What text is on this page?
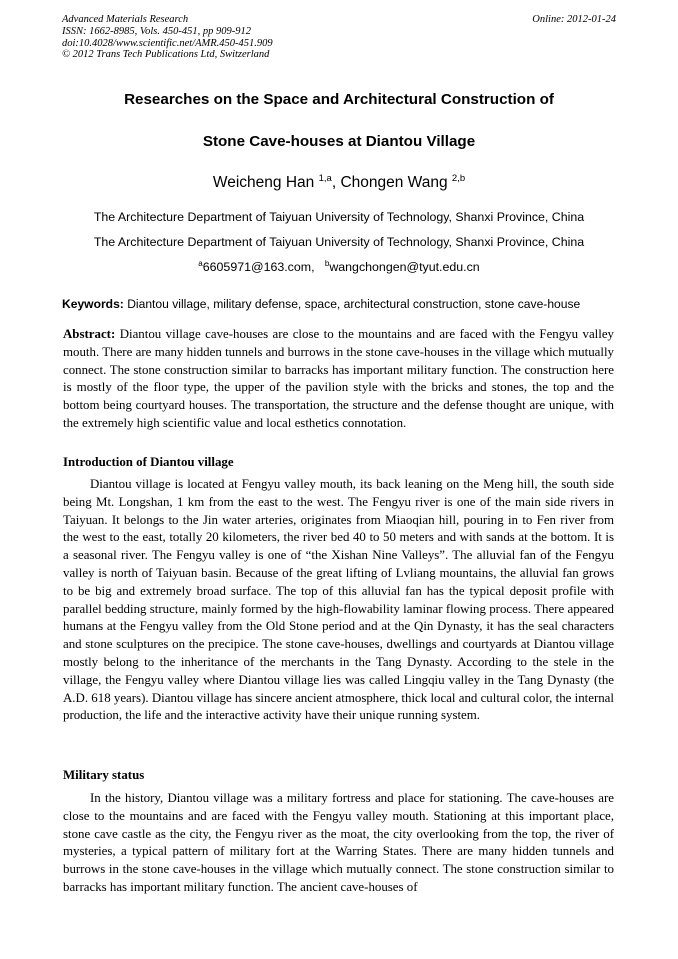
Advanced Materials Research
ISSN: 1662-8985, Vols. 450-451, pp 909-912
doi:10.4028/www.scientific.net/AMR.450-451.909
© 2012 Trans Tech Publications Ltd, Switzerland
Online: 2012-01-24
Researches on the Space and Architectural Construction of
Stone Cave-houses at Diantou Village
Weicheng Han $^{1,a}$, Chongen Wang $^{2,b}$
The Architecture Department of Taiyuan University of Technology, Shanxi Province, China
The Architecture Department of Taiyuan University of Technology, Shanxi Province, China
$^a$6605971@163.com, $^b$wangchongen@tyut.edu.cn
Keywords: Diantou village, military defense, space, architectural construction, stone cave-house

Abstract: Diantou village cave-houses are close to the mountains and are faced with the Fengyu valley mouth. There are many hidden tunnels and burrows in the stone cave-houses in the village which mutually connect. The stone construction similar to barracks has important military function. The construction here is mostly of the floor type, the upper of the pavilion style with the bricks and stones, the top and the bottom being courtyard houses. The transportation, the structure and the defense thought are unique, with the extremely high scientific value and local esthetics connotation.

Introduction of Diantou village

Diantou village is located at Fengyu valley mouth, its back leaning on the Meng hill, the south side being Mt. Longshan, 1 km from the east to the west. The Fengyu river is one of the main side rivers in Taiyuan. It belongs to the Jin water arteries, originates from Miaoqian hill, pouring in to Fen river from the west to the east, totally 20 kilometers, the river bed 40 to 50 meters and with sands at the bottom. It is a seasonal river. The Fengyu valley is one of “the Xishan Nine Valleys”. The alluvial fan of the Fengyu valley is north of Taiyuan basin. Because of the great lifting of Lvliang mountains, the alluvial fan grows to be big and extremely broad surface. The top of this alluvial fan has the typical deposit profile with parallel bedding structure, mainly formed by the high-flowability laminar flowing process. There appeared humans at the Fengyu valley from the Old Stone period and at the Qin Dynasty, it has the seal characters and stone sculptures on the precipice. The stone cave-houses, dwellings and courtyards at Diantou village mostly belong to the inheritance of the merchants in the Tang Dynasty. According to the stele in the village, the Fengyu valley where Diantou village lies was called Lingqiu valley in the Tang Dynasty (the A.D. 618 years). Diantou village has sincere ancient atmosphere, thick local and cultural color, the internal production, the life and the interactive activity have their unique running system.

Military status

In the history, Diantou village was a military fortress and place for stationing. The cave-houses are close to the mountains and are faced with the Fengyu valley mouth. Stationing at this important place, stone cave castle as the city, the Fengyu river as the moat, the city overlooking from the top, the river of mysteries, a typical pattern of military fort at the Warring States. There are many hidden tunnels and burrows in the stone cave-houses in the village which mutually connect. The stone construction similar to barracks has important military function. The ancient cave-houses of
